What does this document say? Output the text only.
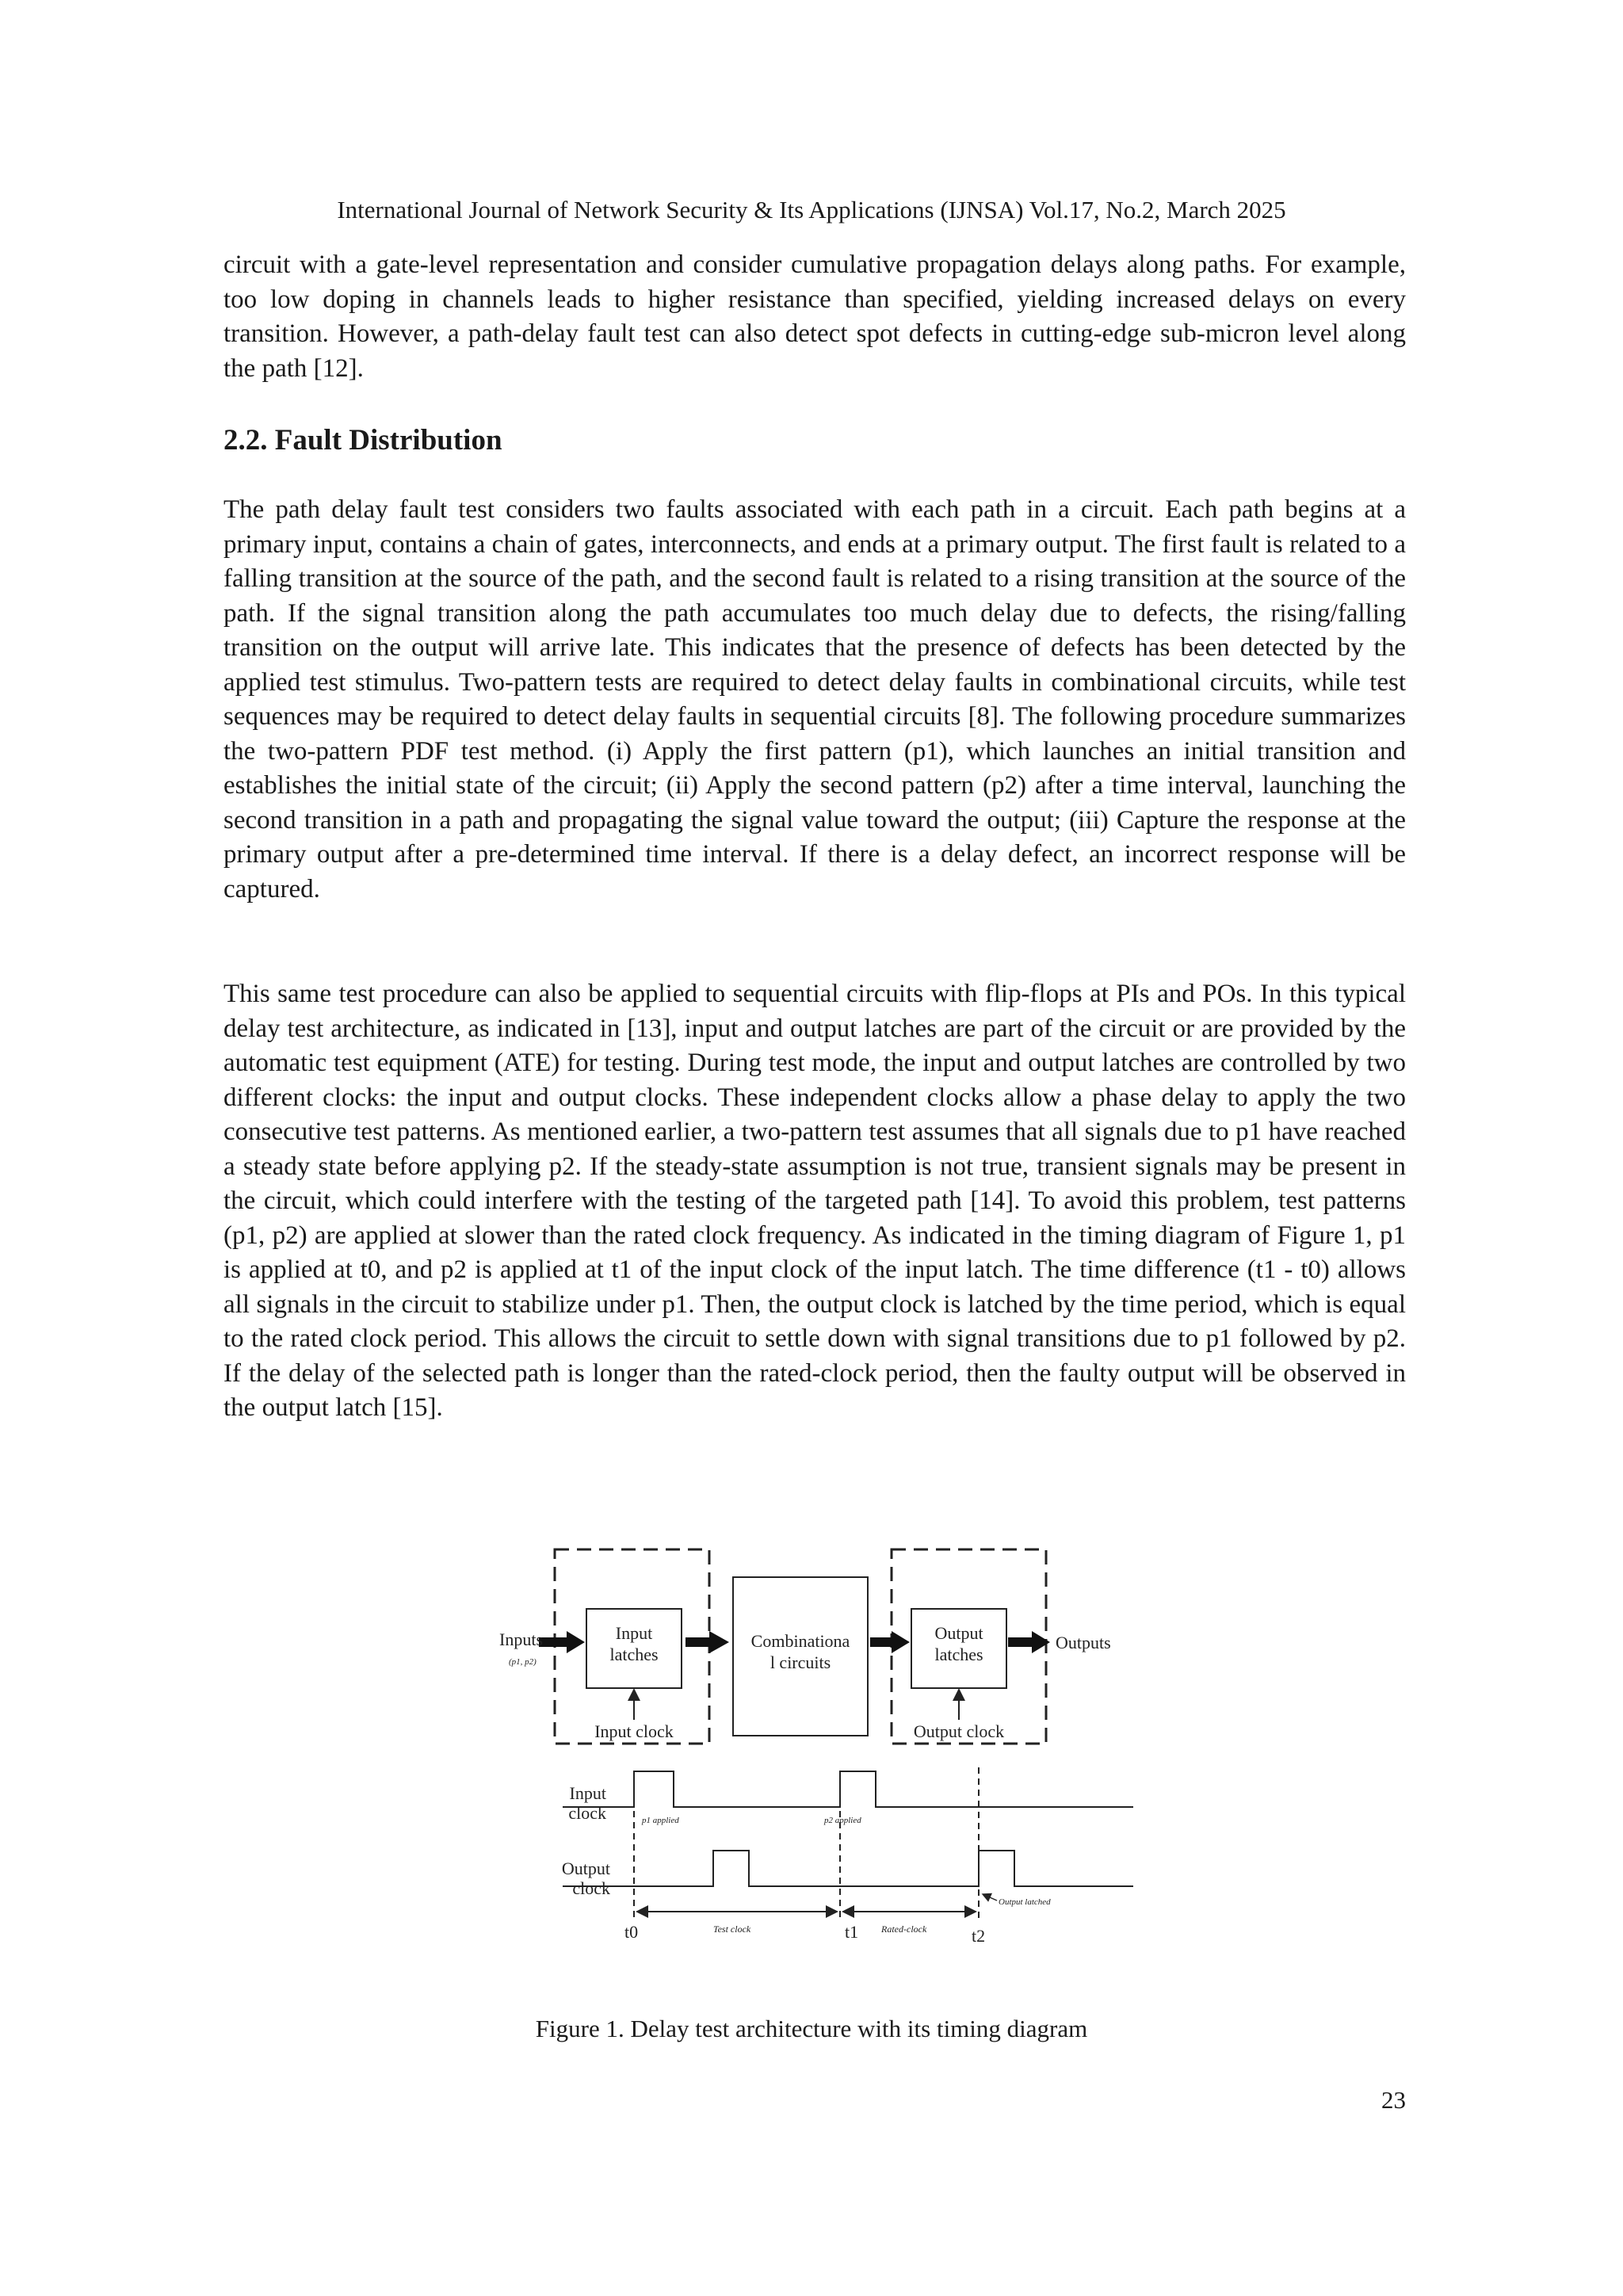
International Journal of Network Security & Its Applications (IJNSA) Vol.17, No.2, March 2025

circuit with a gate-level representation and consider cumulative propagation delays along paths. For example, too low doping in channels leads to higher resistance than specified, yielding increased delays on every transition. However, a path-delay fault test can also detect spot defects in cutting-edge sub-micron level along the path [12].

2.2. Fault Distribution

The path delay fault test considers two faults associated with each path in a circuit. Each path begins at a primary input, contains a chain of gates, interconnects, and ends at a primary output. The first fault is related to a falling transition at the source of the path, and the second fault is related to a rising transition at the source of the path. If the signal transition along the path accumulates too much delay due to defects, the rising/falling transition on the output will arrive late. This indicates that the presence of defects has been detected by the applied test stimulus. Two-pattern tests are required to detect delay faults in combinational circuits, while test sequences may be required to detect delay faults in sequential circuits [8]. The following procedure summarizes the two-pattern PDF test method. (i) Apply the first pattern (p1), which launches an initial transition and establishes the initial state of the circuit; (ii) Apply the second pattern (p2) after a time interval, launching the second transition in a path and propagating the signal value toward the output; (iii) Capture the response at the primary output after a pre-determined time interval. If there is a delay defect, an incorrect response will be captured.

This same test procedure can also be applied to sequential circuits with flip-flops at PIs and POs. In this typical delay test architecture, as indicated in [13], input and output latches are part of the circuit or are provided by the automatic test equipment (ATE) for testing. During test mode, the input and output latches are controlled by two different clocks: the input and output clocks. These independent clocks allow a phase delay to apply the two consecutive test patterns. As mentioned earlier, a two-pattern test assumes that all signals due to p1 have reached a steady state before applying p2. If the steady-state assumption is not true, transient signals may be present in the circuit, which could interfere with the testing of the targeted path [14]. To avoid this problem, test patterns (p1, p2) are applied at slower than the rated clock frequency. As indicated in the timing diagram of Figure 1, p1 is applied at t0, and p2 is applied at t1 of the input clock of the input latch. The time difference (t1 - t0) allows all signals in the circuit to stabilize under p1. Then, the output clock is latched by the time period, which is equal to the rated clock period. This allows the circuit to settle down with signal transitions due to p1 followed by p2. If the delay of the selected path is longer than the rated-clock period, then the faulty output will be observed in the output latch [15].

Inputs
(p1, p2)
Input
latches
Combinationa
l circuits
Output
latches
Outputs
Input clock	Output clock
Input
clock
Output
clock
p1 applied	p2 applied
Output latched
t0	Test clock	t1 Rated-clock	t2
Figure 1. Delay test architecture with its timing diagram
23
